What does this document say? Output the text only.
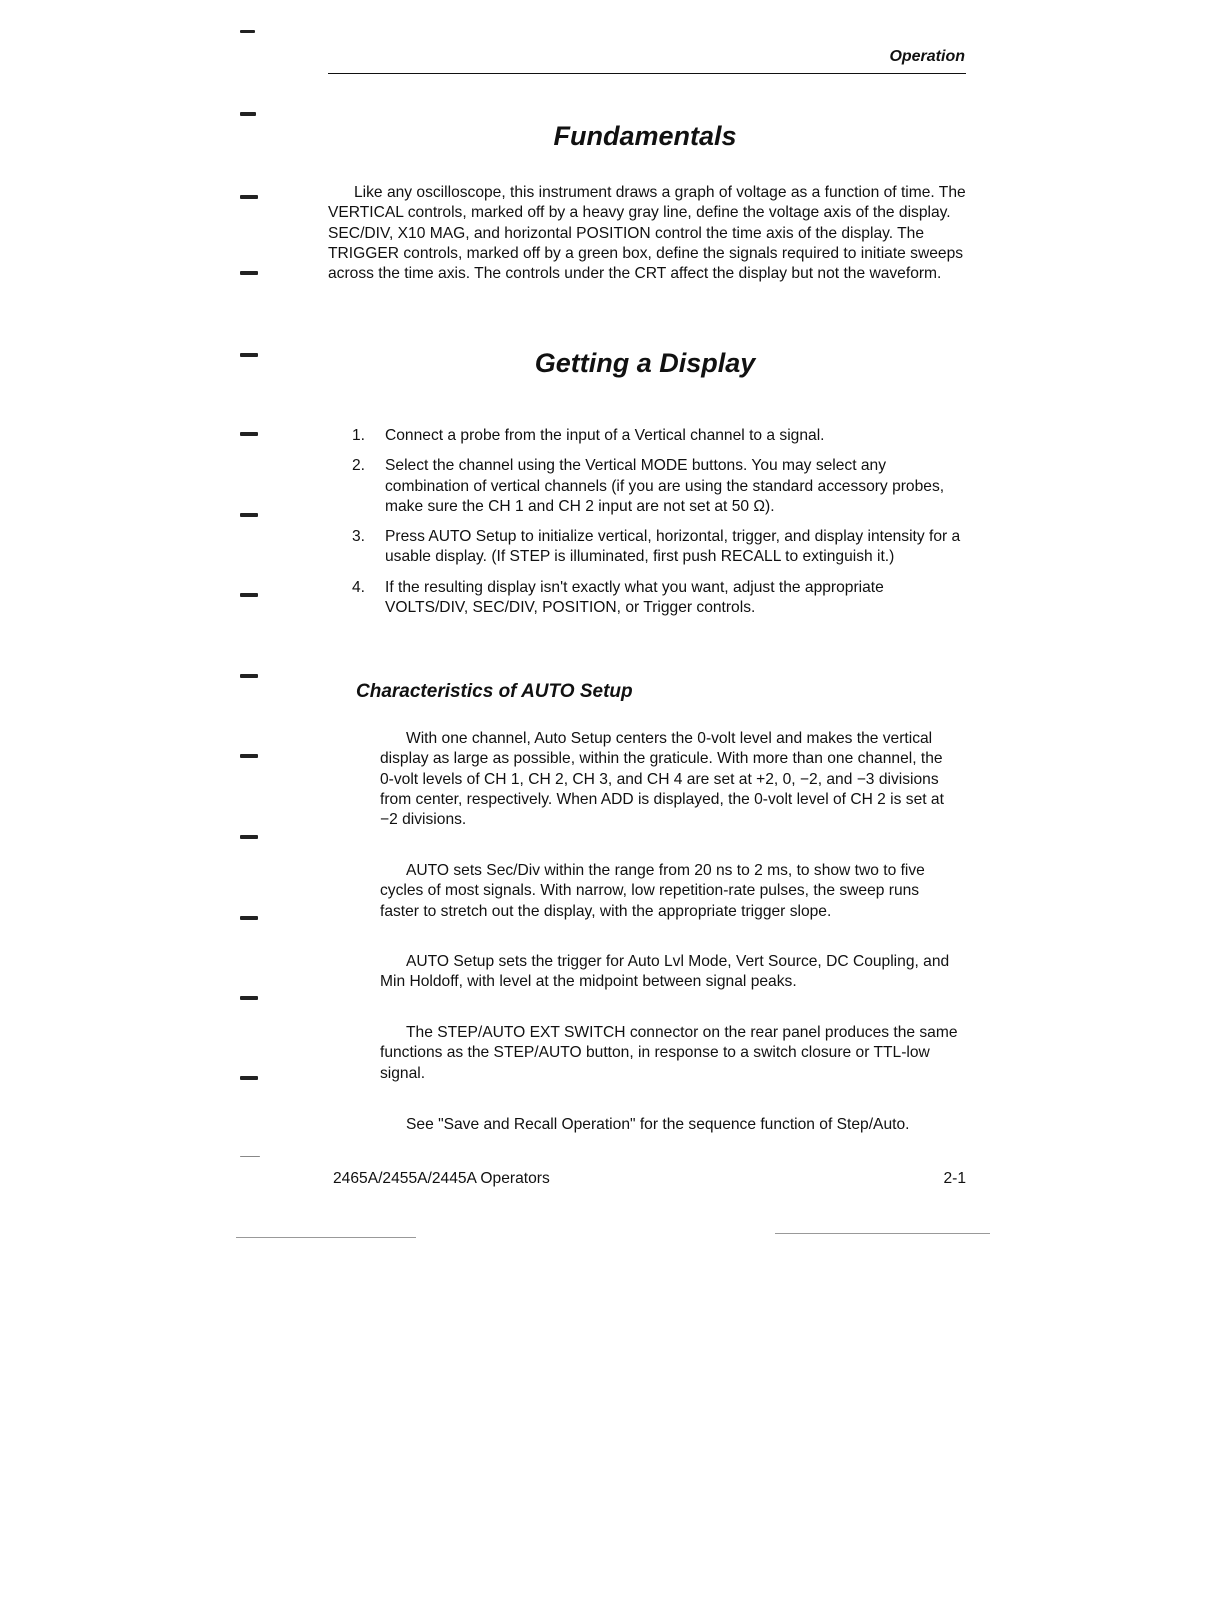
Operation
Fundamentals

Like any oscilloscope, this instrument draws a graph of voltage as a function of time. The VERTICAL controls, marked off by a heavy gray line, define the voltage axis of the display. SEC/DIV, X10 MAG, and horizontal POSITION control the time axis of the display. The TRIGGER controls, marked off by a green box, define the signals required to initiate sweeps across the time axis. The controls under the CRT affect the display but not the waveform.

Getting a Display
1. Connect a probe from the input of a Vertical channel to a signal.
2. Select the channel using the Vertical MODE buttons. You may select any combination of vertical channels (if you are using the standard accessory probes, make sure the CH 1 and CH 2 input are not set at 50 Ω).
3. Press AUTO Setup to initialize vertical, horizontal, trigger, and display intensity for a usable display. (If STEP is illuminated, first push RECALL to extinguish it.)
4. If the resulting display isn't exactly what you want, adjust the appropriate VOLTS/DIV, SEC/DIV, POSITION, or Trigger controls.
Characteristics of AUTO Setup

With one channel, Auto Setup centers the 0-volt level and makes the vertical display as large as possible, within the graticule. With more than one channel, the 0-volt levels of CH 1, CH 2, CH 3, and CH 4 are set at +2, 0, −2, and −3 divisions from center, respectively. When ADD is displayed, the 0-volt level of CH 2 is set at −2 divisions.

AUTO sets Sec/Div within the range from 20 ns to 2 ms, to show two to five cycles of most signals. With narrow, low repetition-rate pulses, the sweep runs faster to stretch out the display, with the appropriate trigger slope.

AUTO Setup sets the trigger for Auto Lvl Mode, Vert Source, DC Coupling, and Min Holdoff, with level at the midpoint between signal peaks.

The STEP/AUTO EXT SWITCH connector on the rear panel produces the same functions as the STEP/AUTO button, in response to a switch closure or TTL-low signal.

See "Save and Recall Operation" for the sequence function of Step/Auto.

2465A/2455A/2445A Operators	2-1
